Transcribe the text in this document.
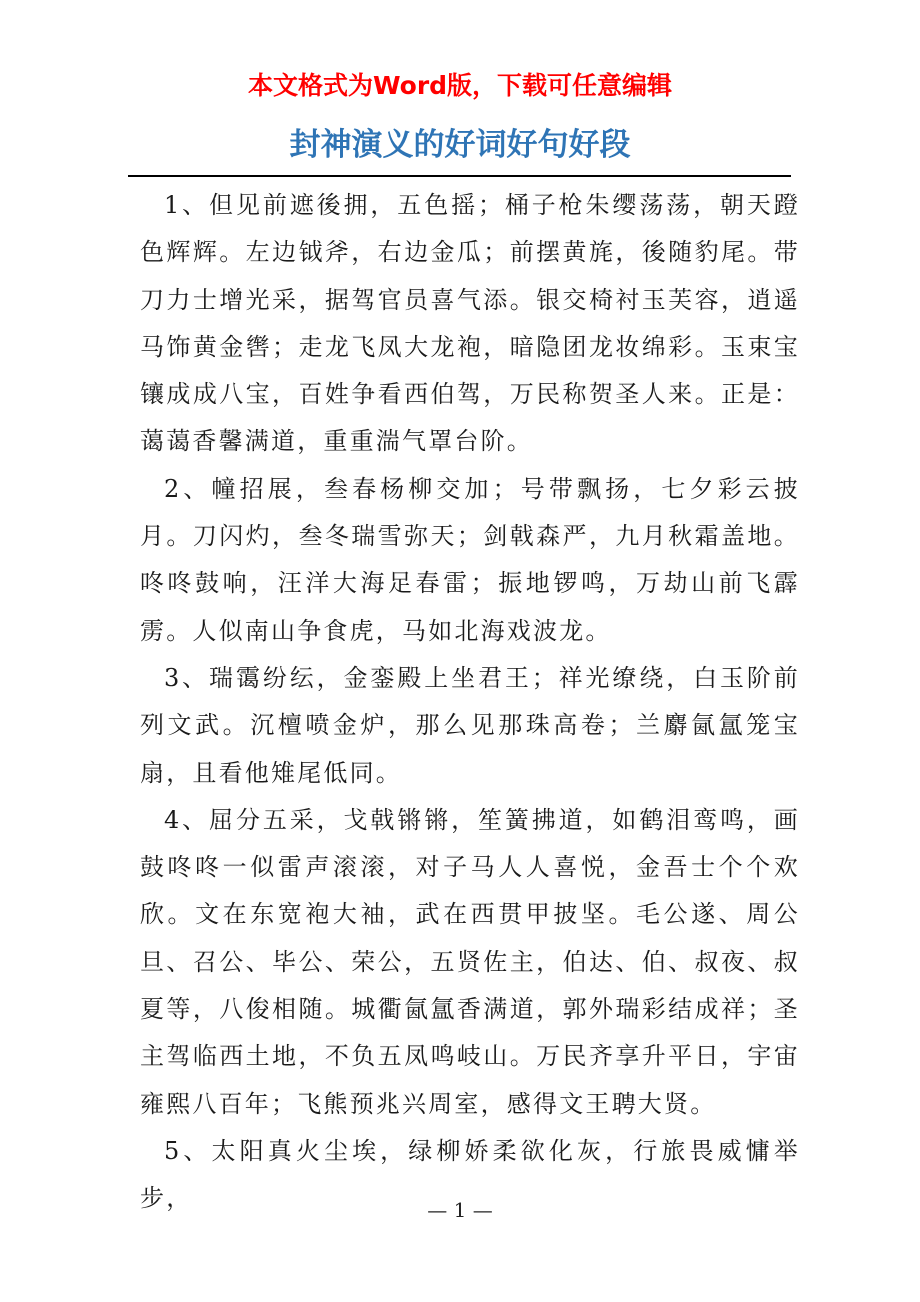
本文格式为Word版，下载可任意编辑
封神演义的好词好句好段

1、但见前遮後拥，五色摇；桶子枪朱缨荡荡，朝天蹬色辉辉。左边钺斧，右边金瓜；前摆黄旄，後随豹尾。带刀力士增光采，据驾官员喜气添。银交椅衬玉芙容，逍遥马饰黄金辔；走龙飞凤大龙袍，暗隐团龙妆绵彩。玉束宝镶成成八宝，百姓争看西伯驾，万民称贺圣人来。正是：蔼蔼香馨满道，重重湍气罩台阶。

2、幢招展，叁春杨柳交加；号带飘扬，七夕彩云披月。刀闪灼，叁冬瑞雪弥天；剑戟森严，九月秋霜盖地。咚咚鼓响，汪洋大海足春雷；振地锣鸣，万劫山前飞霹雳。人似南山争食虎，马如北海戏波龙。

3、瑞霭纷纭，金銮殿上坐君王；祥光缭绕，白玉阶前列文武。沉檀喷金炉，那么见那珠高卷；兰麝氤氲笼宝扇，且看他雉尾低同。

4、屈分五采，戈戟锵锵，笙簧拂道，如鹤泪鸾鸣，画鼓咚咚一似雷声滚滚，对子马人人喜悦，金吾士个个欢欣。文在东宽袍大袖，武在西贯甲披坚。毛公遂、周公旦、召公、毕公、荣公，五贤佐主，伯达、伯、叔夜、叔夏等，八俊相随。城衢氤氲香满道，郭外瑞彩结成祥；圣主驾临西土地，不负五凤鸣岐山。万民齐享升平日，宇宙雍熙八百年；飞熊预兆兴周室，感得文王聘大贤。

5、太阳真火尘埃，绿柳娇柔欲化灰，行旅畏威慵举步，	— 1 —
